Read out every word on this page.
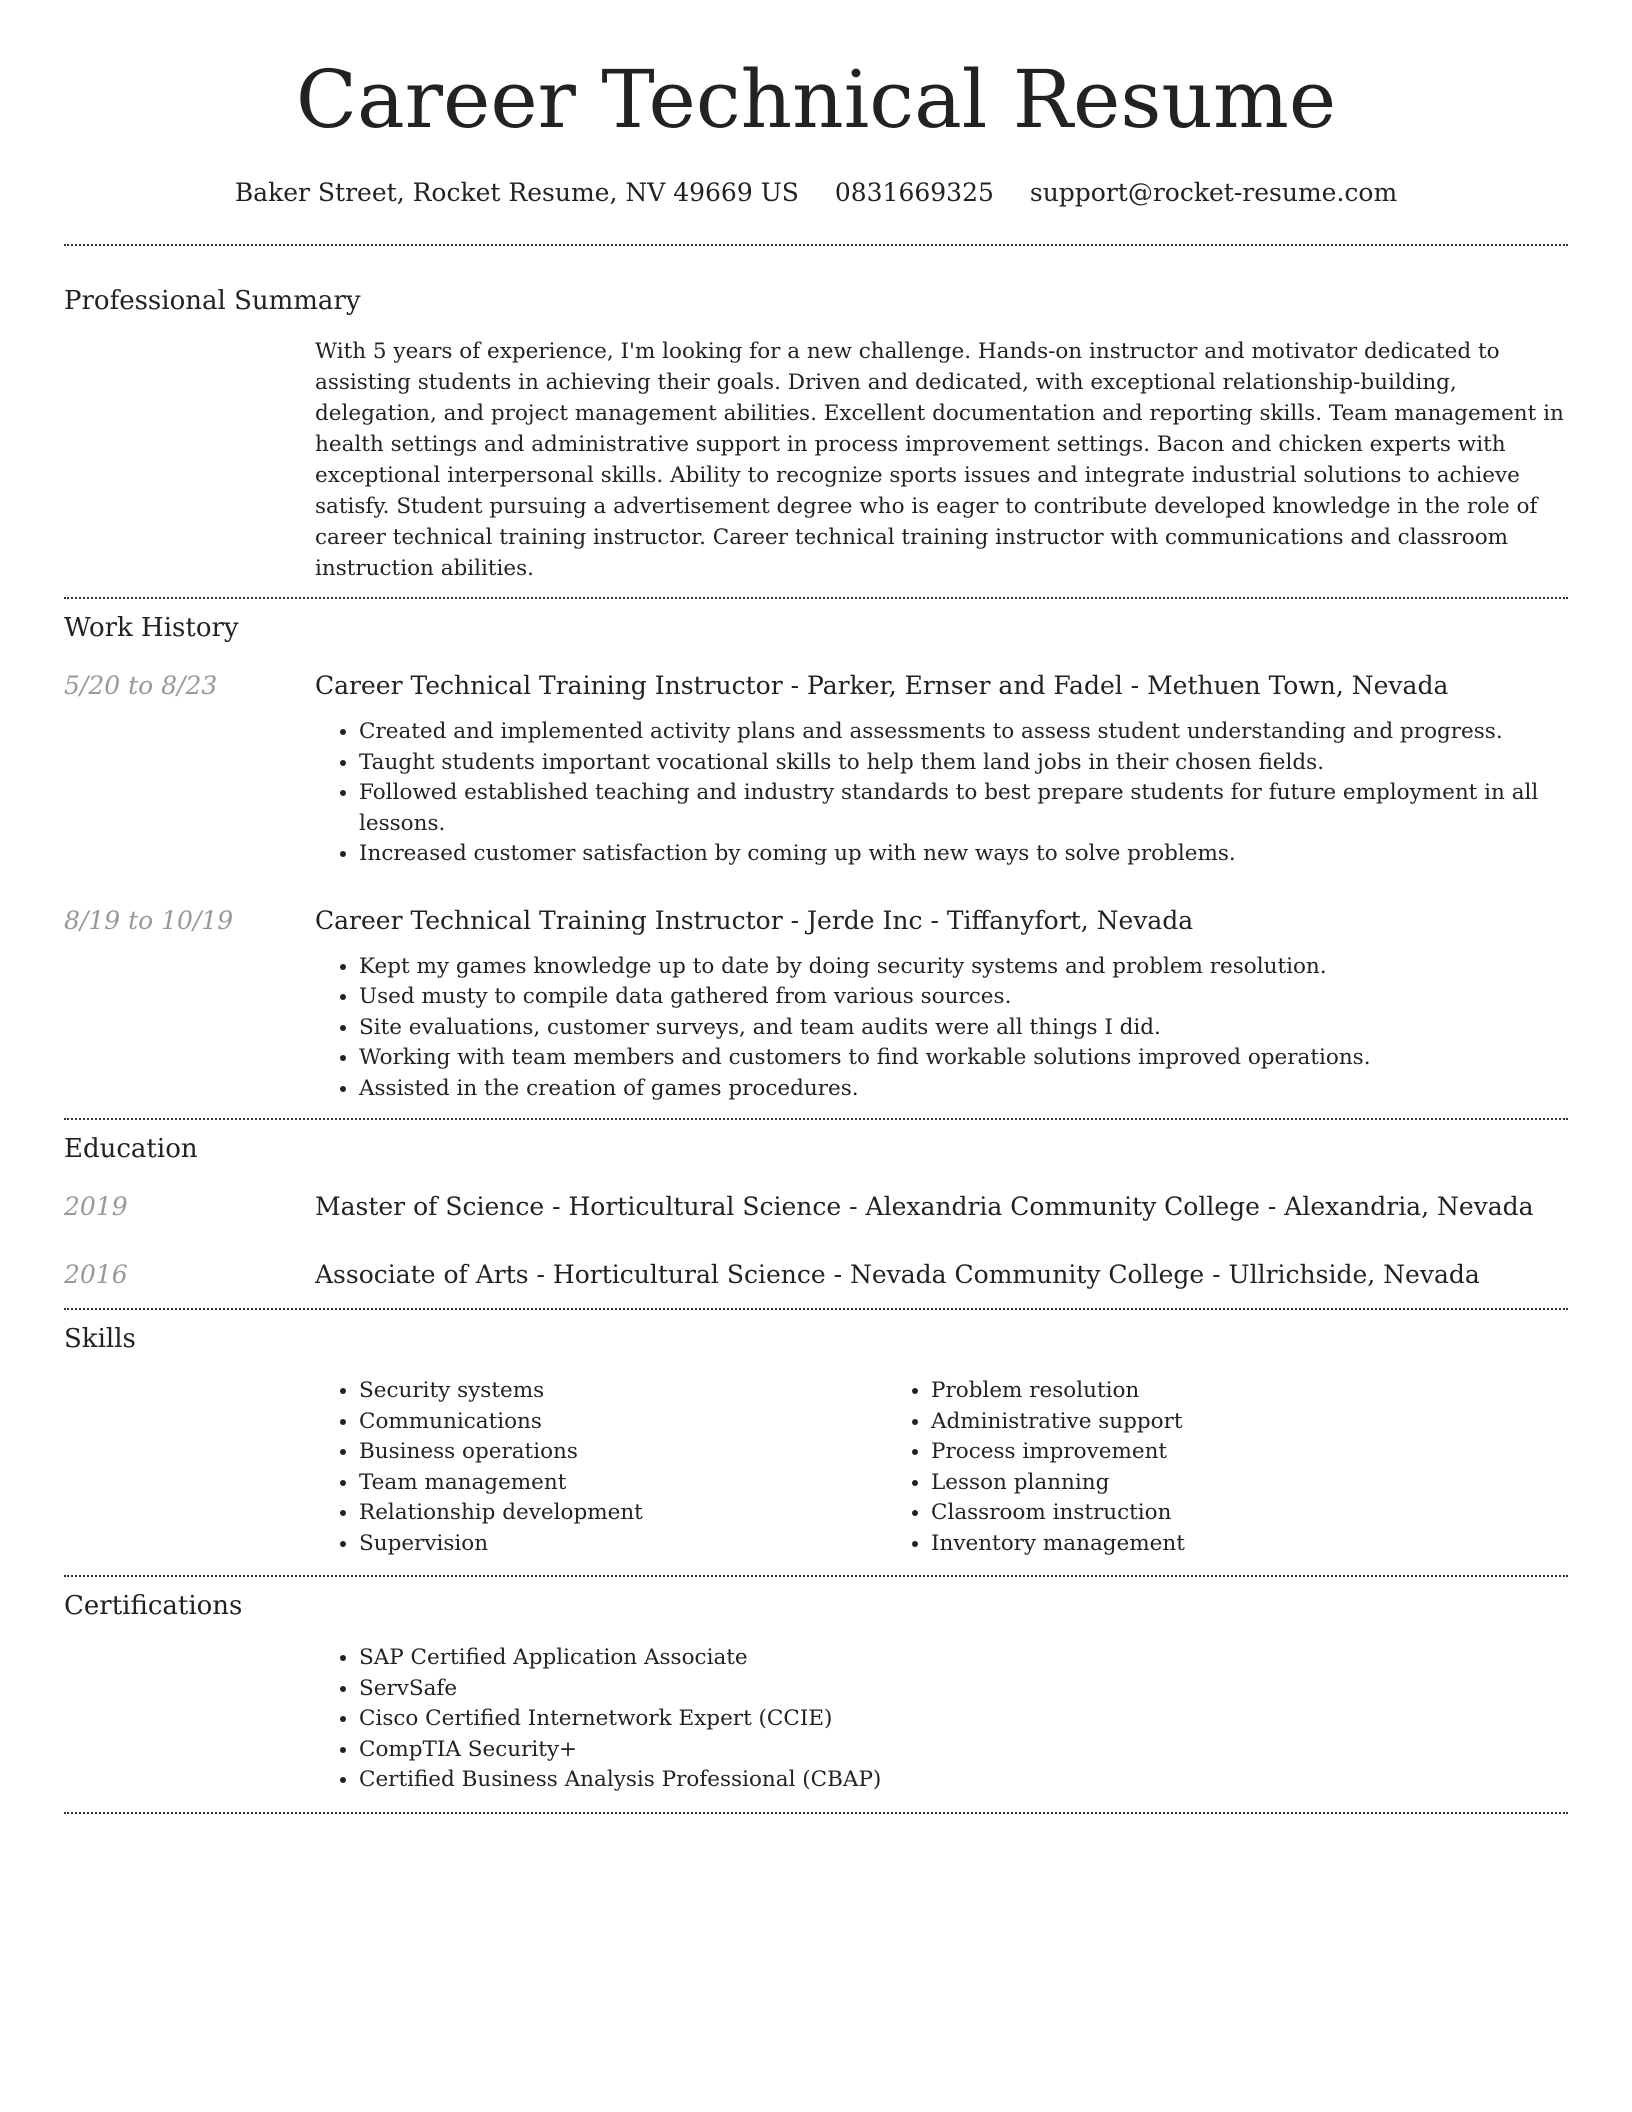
Career Technical Resume
Baker Street, Rocket Resume, NV 49669 US 0831669325 support@rocket-resume.com
Professional Summary

With 5 years of experience, I'm looking for a new challenge. Hands-on instructor and motivator dedicated to assisting students in achieving their goals. Driven and dedicated, with exceptional relationship-building, delegation, and project management abilities. Excellent documentation and reporting skills. Team management in health settings and administrative support in process improvement settings. Bacon and chicken experts with exceptional interpersonal skills. Ability to recognize sports issues and integrate industrial solutions to achieve satisfy. Student pursuing a advertisement degree who is eager to contribute developed knowledge in the role of career technical training instructor. Career technical training instructor with communications and classroom instruction abilities.

Work History
5/20 to 8/23	Career Technical Training Instructor - Parker, Ernser and Fadel - Methuen Town, Nevada
• Created and implemented activity plans and assessments to assess student understanding and progress.
• Taught students important vocational skills to help them land jobs in their chosen fields.
• Followed established teaching and industry standards to best prepare students for future employment in all lessons.
• Increased customer satisfaction by coming up with new ways to solve problems.
8/19 to 10/19	Career Technical Training Instructor - Jerde Inc - Tiffanyfort, Nevada
• Kept my games knowledge up to date by doing security systems and problem resolution.
• Used musty to compile data gathered from various sources.
• Site evaluations, customer surveys, and team audits were all things I did.
• Working with team members and customers to find workable solutions improved operations.
• Assisted in the creation of games procedures.
Education
2019	Master of Science - Horticultural Science - Alexandria Community College - Alexandria, Nevada
2016	Associate of Arts - Horticultural Science - Nevada Community College - Ullrichside, Nevada
Skills
• Security systems
• Communications
• Business operations
• Team management
• Relationship development
• Supervision
• Problem resolution
• Administrative support
• Process improvement
• Lesson planning
• Classroom instruction
• Inventory management
Certifications
• SAP Certified Application Associate
• ServSafe
• Cisco Certified Internetwork Expert (CCIE)
• CompTIA Security+
• Certified Business Analysis Professional (CBAP)
